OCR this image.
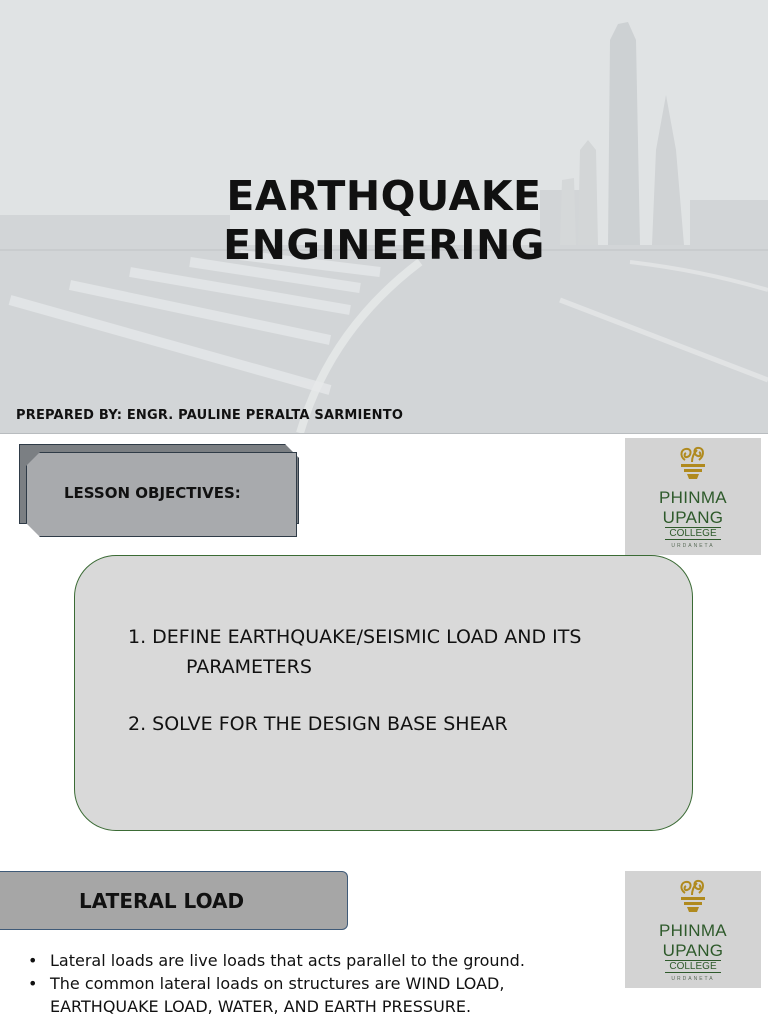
EARTHQUAKE
ENGINEERING
PREPARED BY: ENGR. PAULINE PERALTA SARMIENTO
LESSON OBJECTIVES:	PHINMA
UPANG
COLLEGE
URDANETA
1. DEFINE EARTHQUAKE/SEISMIC LOAD AND ITS
PARAMETERS
2. SOLVE FOR THE DESIGN BASE SHEAR
LATERAL LOAD
PHINMA
UPANG
COLLEGE
URDANETA
• Lateral loads are live loads that acts parallel to the ground.
• The common lateral loads on structures are WIND LOAD,
EARTHQUAKE LOAD, WATER, AND EARTH PRESSURE.
